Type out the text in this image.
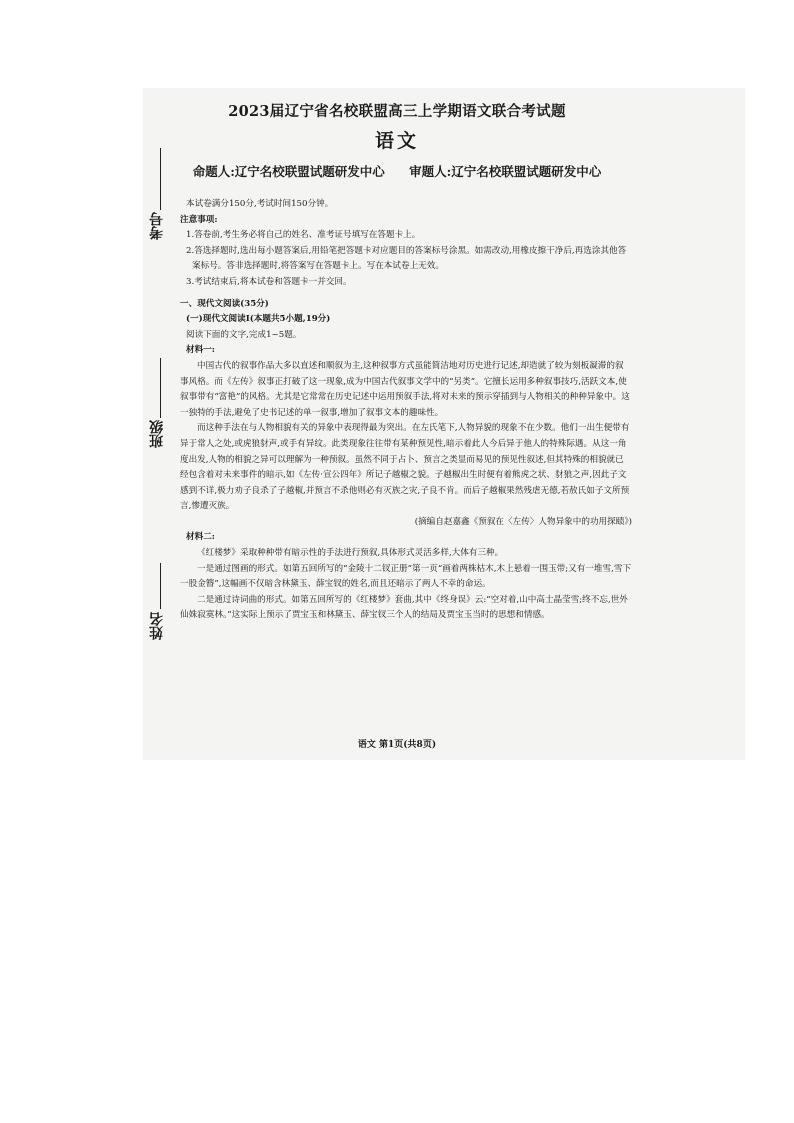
2023届辽宁省名校联盟高三上学期语文联合考试题
语文
命题人:辽宁名校联盟试题研发中心 审题人:辽宁名校联盟试题研发中心
考号
班级
姓名

本试卷满分150分,考试时间150分钟。

注意事项:

1.答卷前,考生务必将自己的姓名、准考证号填写在答题卡上。

2.答选择题时,选出每小题答案后,用铅笔把答题卡对应题目的答案标号涂黑。如需改动,用橡皮擦干净后,再选涂其他答案标号。答非选择题时,将答案写在答题卡上。写在本试卷上无效。

3.考试结束后,将本试卷和答题卡一并交回。

一、现代文阅读(35分)

(一)现代文阅读Ⅰ(本题共5小题,19分)

阅读下面的文字,完成1~5题。

材料一:

中国古代的叙事作品大多以直述和顺叙为主,这种叙事方式虽能简洁地对历史进行记述,却造就了较为刻板凝滞的叙事风格。而《左传》叙事正打破了这一现象,成为中国古代叙事文学中的“另类”。它擅长运用多种叙事技巧,活跃文本,使叙事带有“富艳”的风格。尤其是它常常在历史记述中运用预叙手法,将对未来的预示穿插到与人物相关的种种异象中。这一独特的手法,避免了史书记述的单一叙事,增加了叙事文本的趣味性。

而这种手法在与人物相貌有关的异象中表现得最为突出。在左氏笔下,人物异貌的现象不在少数。他们一出生便带有异于常人之处,或虎狼豺声,或手有异纹。此类现象往往带有某种预见性,暗示着此人今后异于他人的特殊际遇。从这一角度出发,人物的相貌之异可以理解为一种预叙。虽然不同于占卜、预言之类显而易见的预见性叙述,但其特殊的相貌就已经包含着对未来事件的暗示,如《左传·宣公四年》所记子越椒之貌。子越椒出生时便有着熊虎之状、豺狼之声,因此子文感到不详,极力劝子良杀了子越椒,并预言不杀他则必有灭族之灾,子良不肯。而后子越椒果然残虐无德,若敖氏如子文所预言,惨遭灭族。

(摘编自赵嘉鑫《预叙在〈左传〉人物异象中的功用探赜》)

材料二:

《红楼梦》采取种种带有暗示性的手法进行预叙,具体形式灵活多样,大体有三种。

一是通过图画的形式。如第五回所写的“金陵十二钗正册”第一页“画着两株枯木,木上悬着一围玉带;又有一堆雪,雪下一股金簪”,这幅画不仅暗含林黛玉、薛宝钗的姓名,而且还暗示了两人不幸的命运。

二是通过诗词曲的形式。如第五回所写的《红楼梦》套曲,其中《终身误》云:“空对着,山中高士晶莹雪;终不忘,世外仙姝寂寞林。”这实际上预示了贾宝玉和林黛玉、薛宝钗三个人的结局及贾宝玉当时的思想和情感。

语文 第1页(共8页)
